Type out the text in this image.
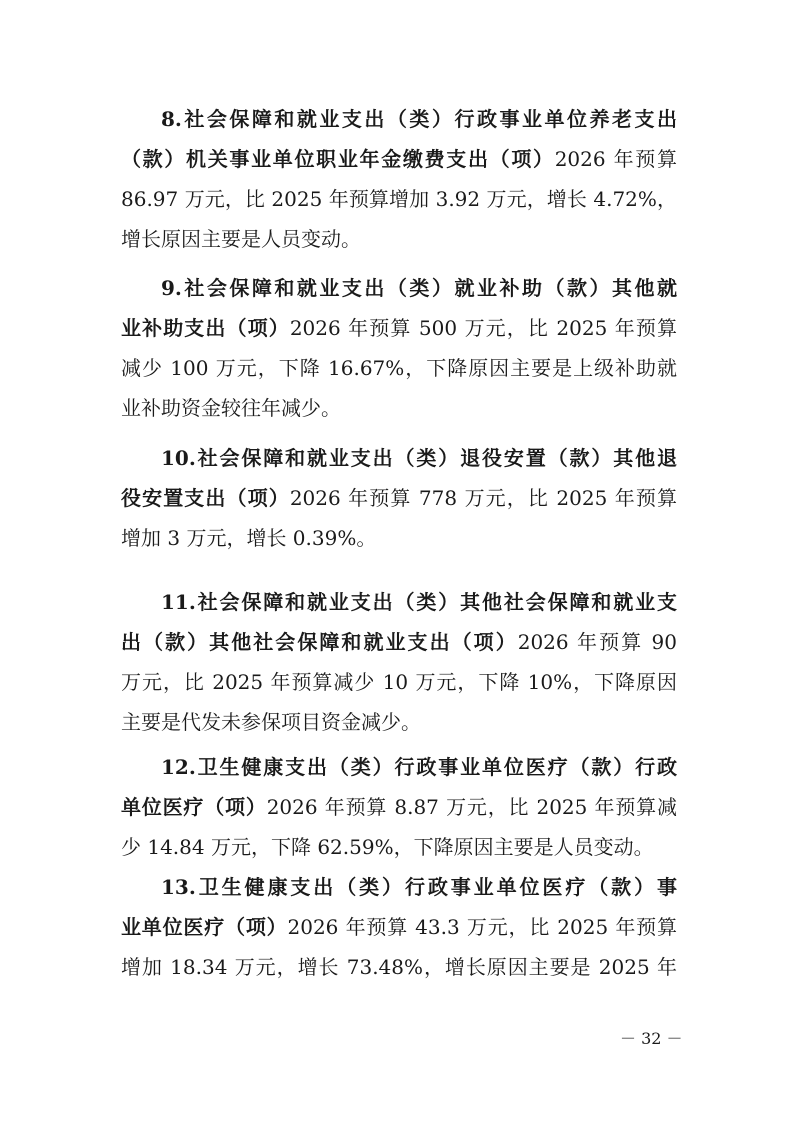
8.社会保障和就业支出（类）行政事业单位养老支出
（款）机关事业单位职业年金缴费支出（项）2026 年预算
86.97 万元，比 2025 年预算增加 3.92 万元，增长 4.72%，
增长原因主要是人员变动。
9.社会保障和就业支出（类）就业补助（款）其他就
业补助支出（项）2026 年预算 500 万元，比 2025 年预算
减少 100 万元，下降 16.67%，下降原因主要是上级补助就
业补助资金较往年减少。
10.社会保障和就业支出（类）退役安置（款）其他退
役安置支出（项）2026 年预算 778 万元，比 2025 年预算
增加 3 万元，增长 0.39%。
11.社会保障和就业支出（类）其他社会保障和就业支
出（款）其他社会保障和就业支出（项）2026 年预算 90
万元，比 2025 年预算减少 10 万元，下降 10%，下降原因
主要是代发未参保项目资金减少。
12.卫生健康支出（类）行政事业单位医疗（款）行政
单位医疗（项）2026 年预算 8.87 万元，比 2025 年预算减
少 14.84 万元，下降 62.59%，下降原因主要是人员变动。
13.卫生健康支出（类）行政事业单位医疗（款）事
业单位医疗（项）2026 年预算 43.3 万元，比 2025 年预算
增加 18.34 万元，增长 73.48%，增长原因主要是 2025 年
－ 32 －
